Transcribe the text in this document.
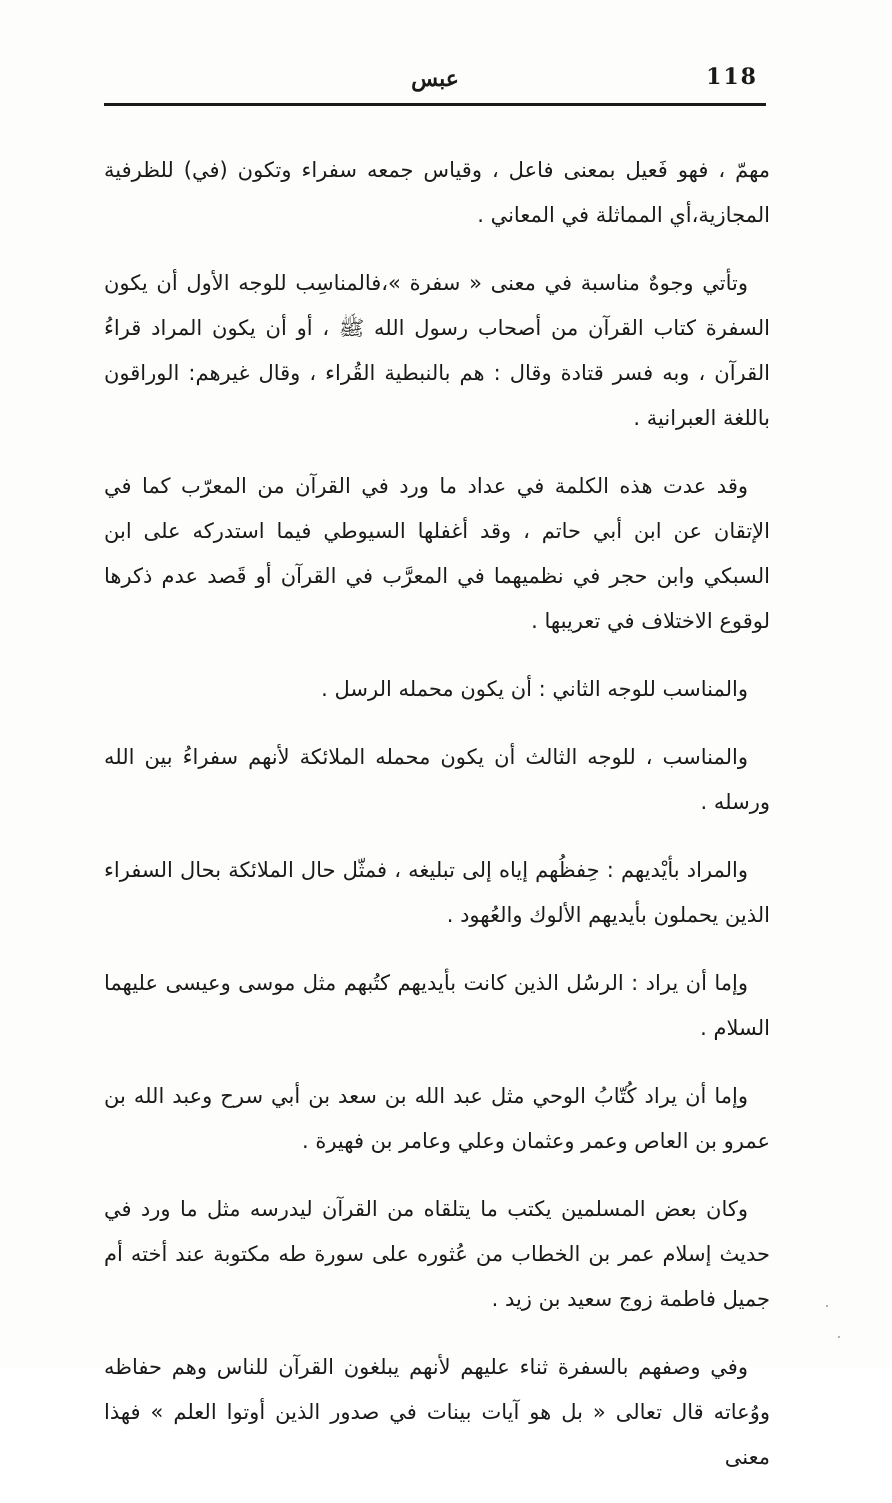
118
عبس

مهمّ ، فهو فَعيل بمعنى فاعل ، وقياس جمعه سفراء وتكون (في) للظرفية المجازية،أي المماثلة في المعاني .

وتأتي وجوهٌ مناسبة في معنى « سفرة »،فالمناسِب للوجه الأول أن يكون السفرة كتاب القرآن من أصحاب رسول الله ﷺ ، أو أن يكون المراد قراءُ القرآن ، وبه فسر قتادة وقال : هم بالنبطية القُراء ، وقال غيرهم: الوراقون باللغة العبرانية .

وقد عدت هذه الكلمة في عداد ما ورد في القرآن من المعرّب كما في الإتقان عن ابن أبي حاتم ، وقد أغفلها السيوطي فيما استدركه على ابن السبكي وابن حجر في نظميهما في المعرَّب في القرآن أو قَصد عدم ذكرها لوقوع الاختلاف في تعريبها .

والمناسب للوجه الثاني : أن يكون محمله الرسل .

والمناسب ، للوجه الثالث أن يكون محمله الملائكة لأنهم سفراءُ بين الله ورسله .

والمراد بأيْديهم : حِفظُهم إياه إلى تبليغه ، فمثّل حال الملائكة بحال السفراء الذين يحملون بأيديهم الألوك والعُهود .

وإما أن يراد : الرسُل الذين كانت بأيديهم كتُبهم مثل موسى وعيسى عليهما السلام .

وإما أن يراد كُتّابُ الوحي مثل عبد الله بن سعد بن أبي سرح وعبد الله بن عمرو بن العاص وعمر وعثمان وعلي وعامر بن فهيرة .

وكان بعض المسلمين يكتب ما يتلقاه من القرآن ليدرسه مثل ما ورد في حديث إسلام عمر بن الخطاب من عُثوره على سورة طه مكتوبة عند أخته أم جميل فاطمة زوج سعيد بن زيد .

وفي وصفهم بالسفرة ثناء عليهم لأنهم يبلغون القرآن للناس وهم حفاظه ووُعاته قال تعالى « بل هو آيات بينات في صدور الذين أوتوا العلم » فهذا معنى
